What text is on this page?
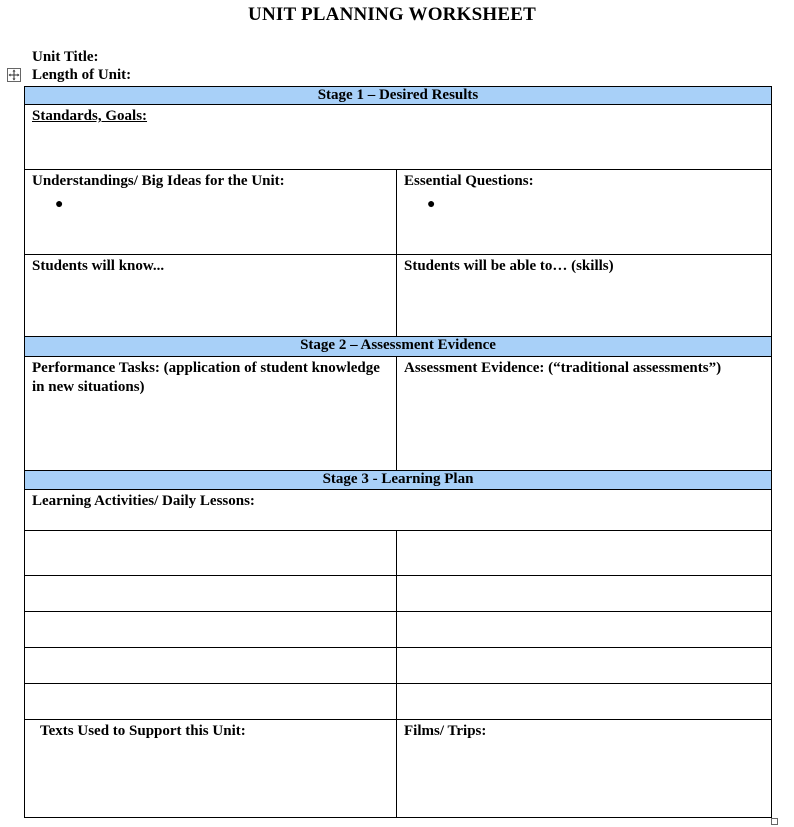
UNIT PLANNING WORKSHEET
Unit Title:
Length of Unit:
Stage 1 – Desired Results
Standards, Goals:
Understandings/ Big Ideas for the Unit:
●
Essential Questions:
●
Students will know...	Students will be able to… (skills)
Stage 2 – Assessment Evidence
Performance Tasks: (application of student knowledge in new situations)
Assessment Evidence: (“traditional assessments”)
Stage 3 - Learning Plan
Learning Activities/ Daily Lessons:
Texts Used to Support this Unit:	Films/ Trips:
